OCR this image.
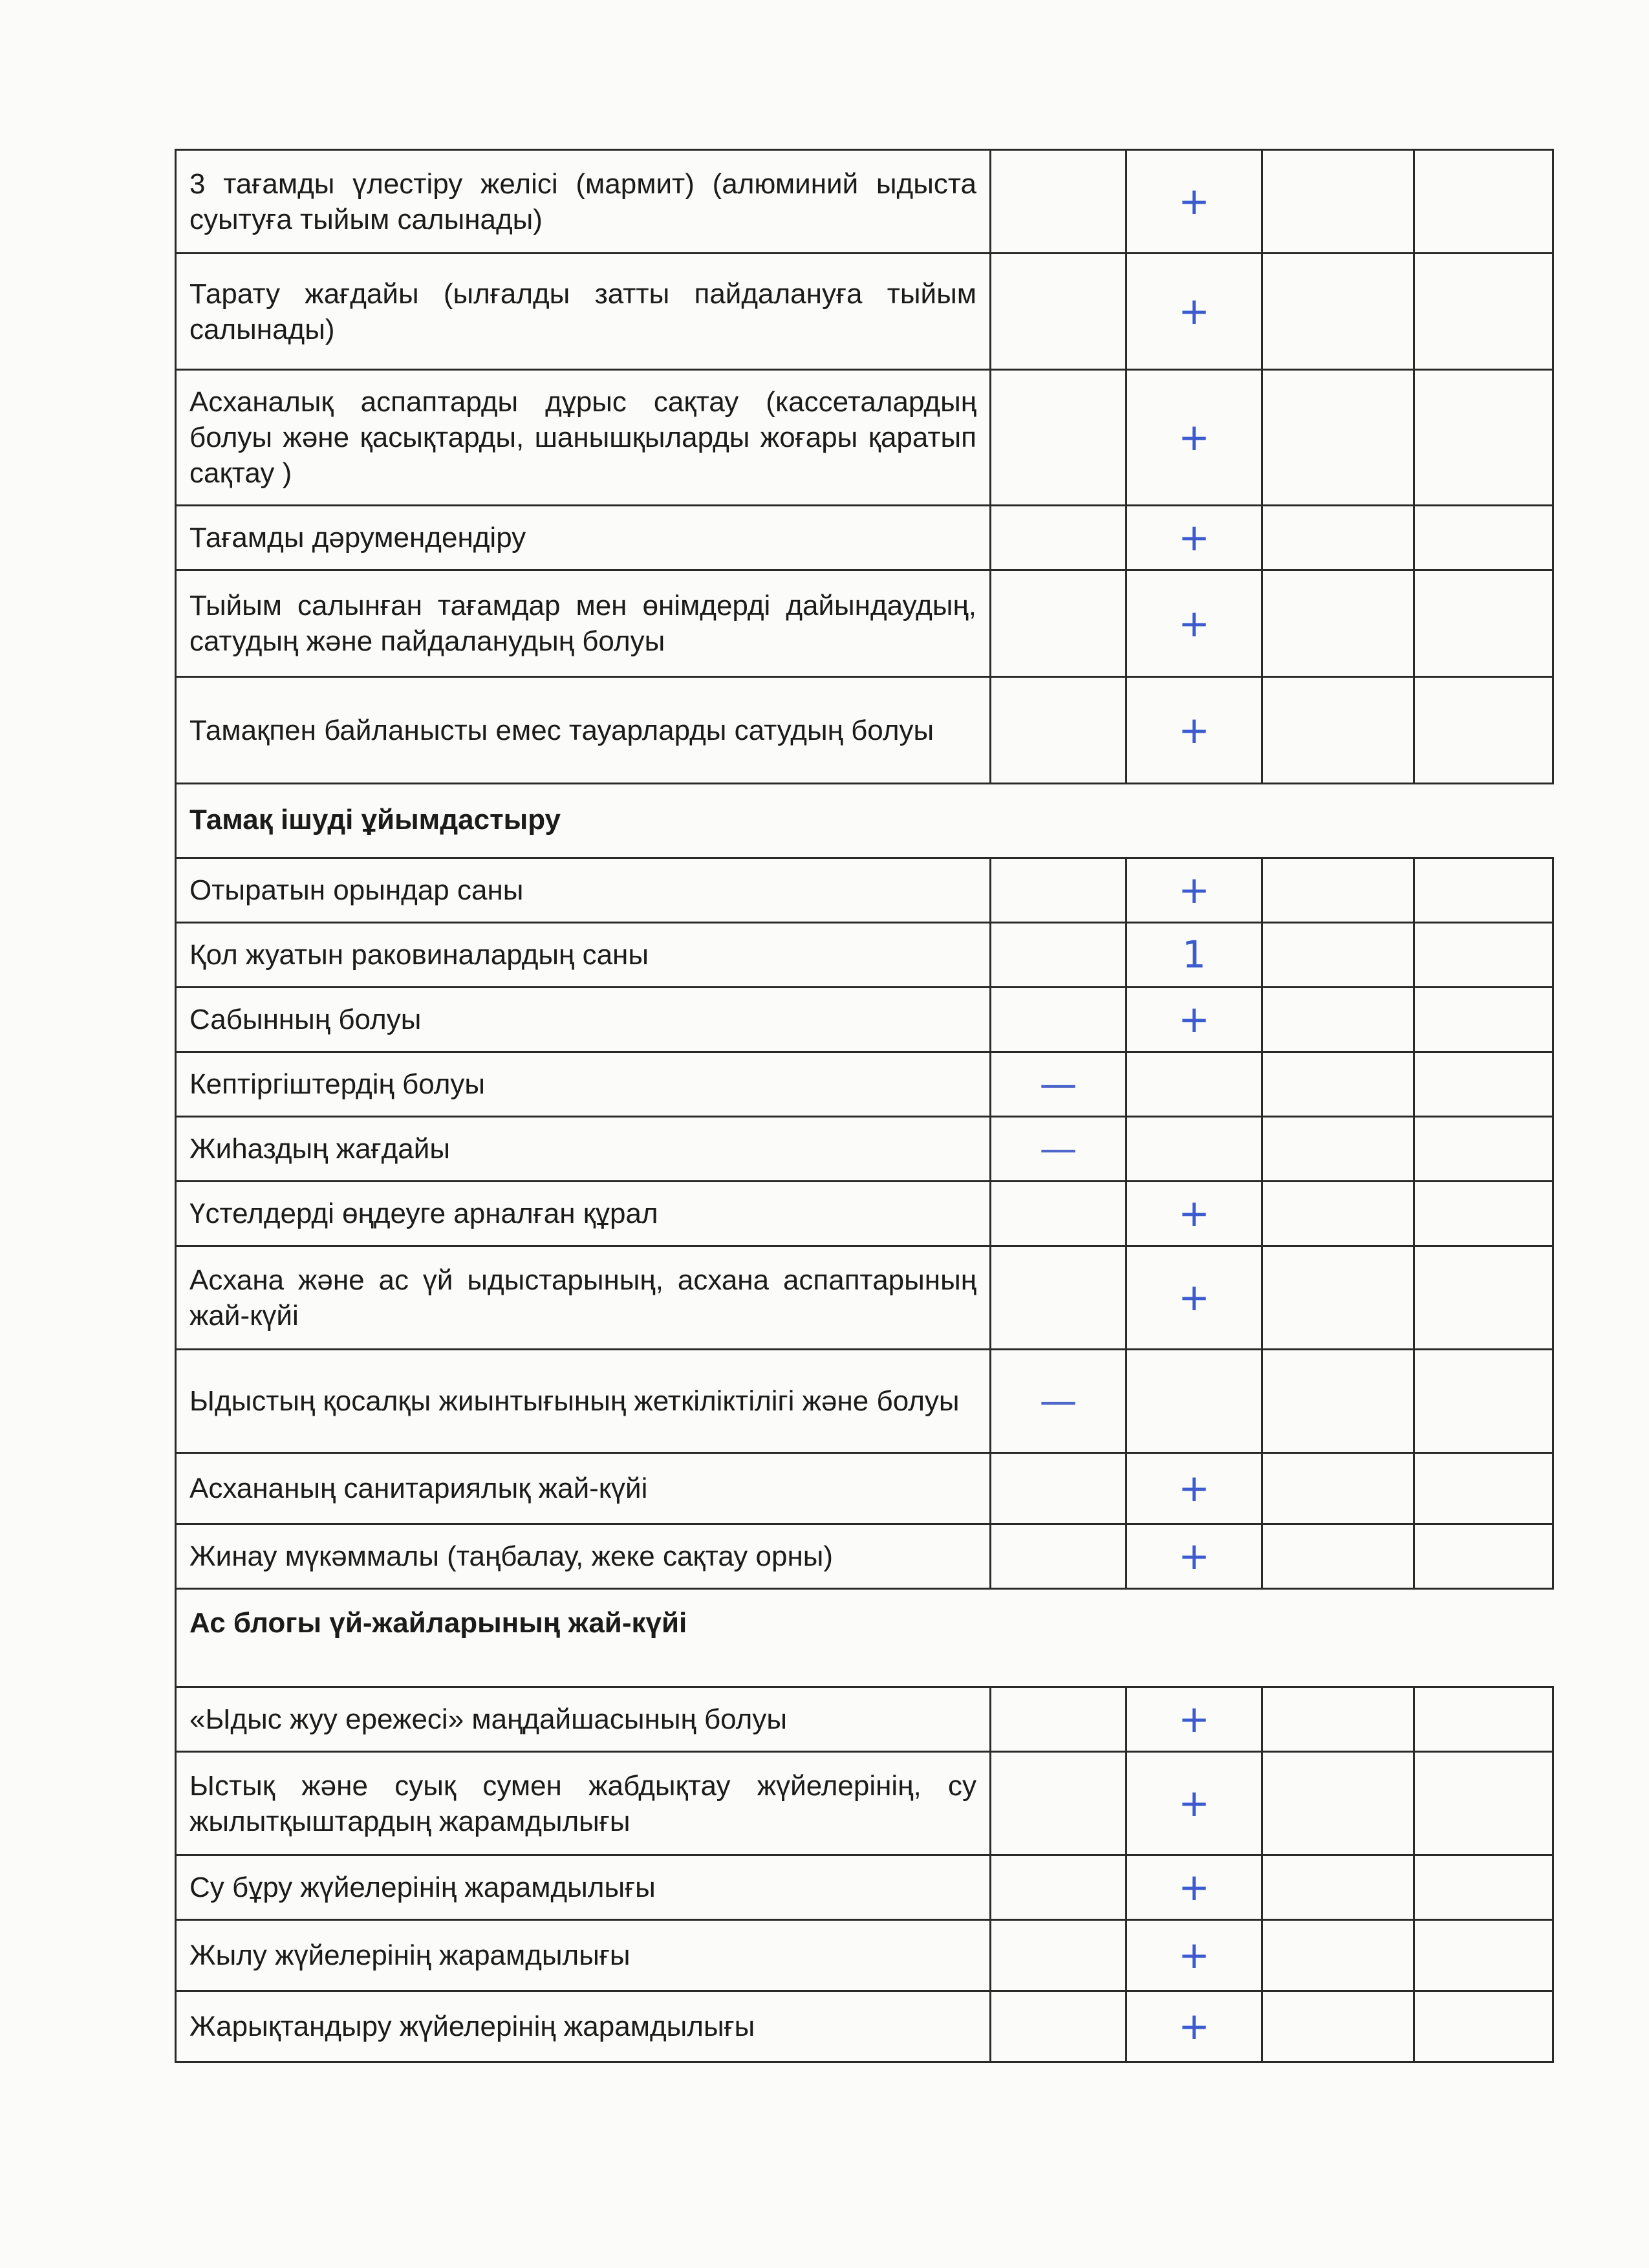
3 тағамды үлестіру желісі (мармит) (алюминий ыдыста суытуға тыйым салынады)		+		
Тарату жағдайы (ылғалды затты пайдалануға тыйым салынады)		+		
Асханалық аспаптарды дұрыс сақтау (кассеталардың болуы және қасықтарды, шанышқыларды жоғары қаратып сақтау )		+		
Тағамды дәрумендендіру		+		
Тыйым салынған тағамдар мен өнімдерді дайындаудың, сатудың және пайдаланудың болуы		+		
Тамақпен байланысты емес тауарларды сатудың болуы		+		
Тамақ ішуді ұйымдастыру				
Отыратын орындар саны		+		
Қол жуатын раковиналардың саны		1		
Сабынның болуы		+		
Кептіргіштердің болуы	—			
Жиһаздың жағдайы	—			
Үстелдерді өңдеуге арналған құрал		+		
Асхана және ас үй ыдыстарының, асхана аспаптарының жай-күйі		+		
Ыдыстың қосалқы жиынтығының жеткіліктілігі және болуы	—			
Асхананың санитариялық жай-күйі		+		
Жинау мүкәммалы (таңбалау, жеке сақтау орны)		+		
Ас блогы үй-жайларының жай-күйі				
«Ыдыс жуу ережесі» маңдайшасының болуы		+		
Ыстық және суық сумен жабдықтау жүйелерінің, су жылытқыштардың жарамдылығы		+		
Су бұру жүйелерінің жарамдылығы		+		
Жылу жүйелерінің жарамдылығы		+		
Жарықтандыру жүйелерінің жарамдылығы		+		
